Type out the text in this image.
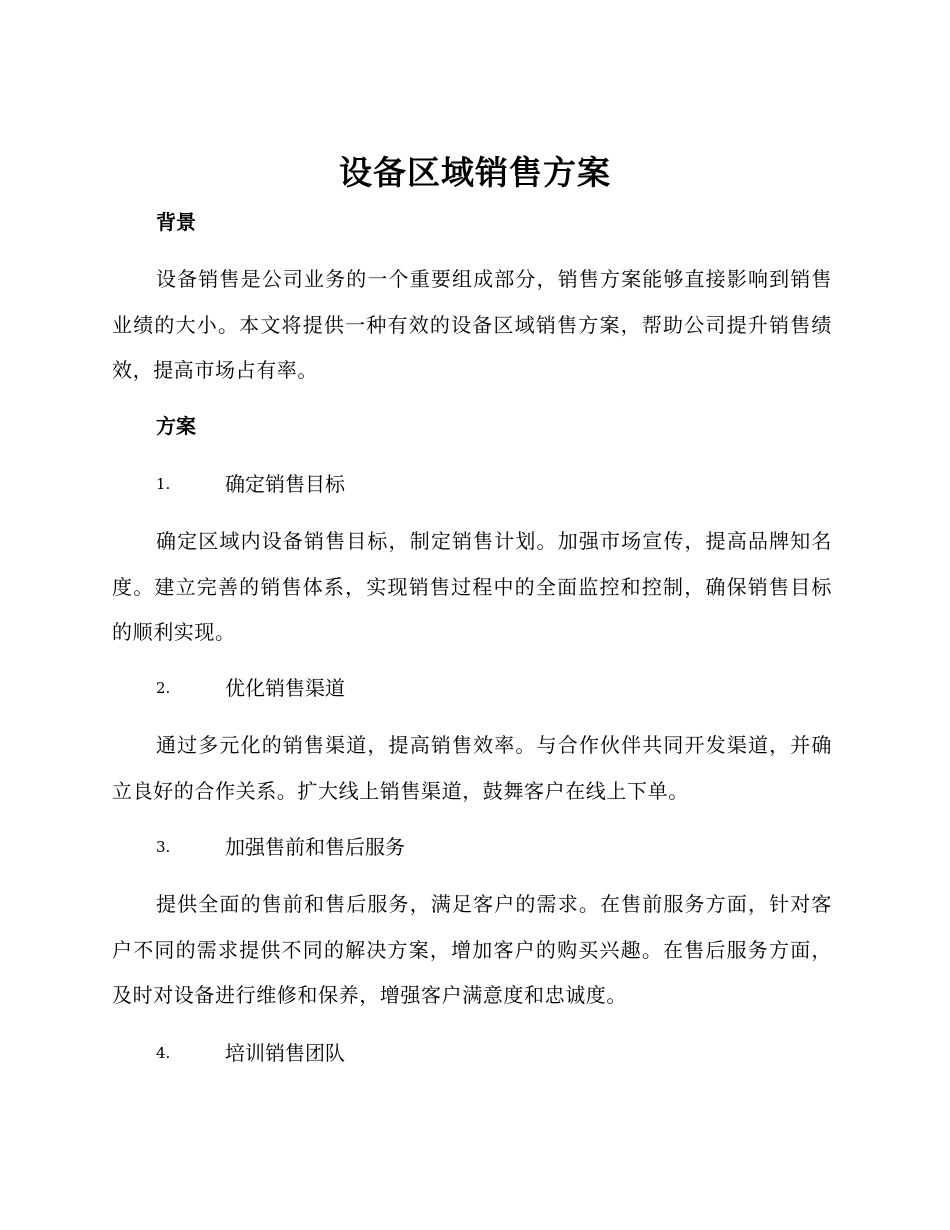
设备区域销售方案
背景
设备销售是公司业务的一个重要组成部分，销售方案能够直接影响到销售业绩的大小。本文将提供一种有效的设备区域销售方案，帮助公司提升销售绩效，提高市场占有率。
方案
1.	确定销售目标
确定区域内设备销售目标，制定销售计划。加强市场宣传，提高品牌知名度。建立完善的销售体系，实现销售过程中的全面监控和控制，确保销售目标的顺利实现。
2.	优化销售渠道
通过多元化的销售渠道，提高销售效率。与合作伙伴共同开发渠道，并确立良好的合作关系。扩大线上销售渠道，鼓舞客户在线上下单。
3.	加强售前和售后服务
提供全面的售前和售后服务，满足客户的需求。在售前服务方面，针对客户不同的需求提供不同的解决方案，增加客户的购买兴趣。在售后服务方面，及时对设备进行维修和保养，增强客户满意度和忠诚度。
4.	培训销售团队
